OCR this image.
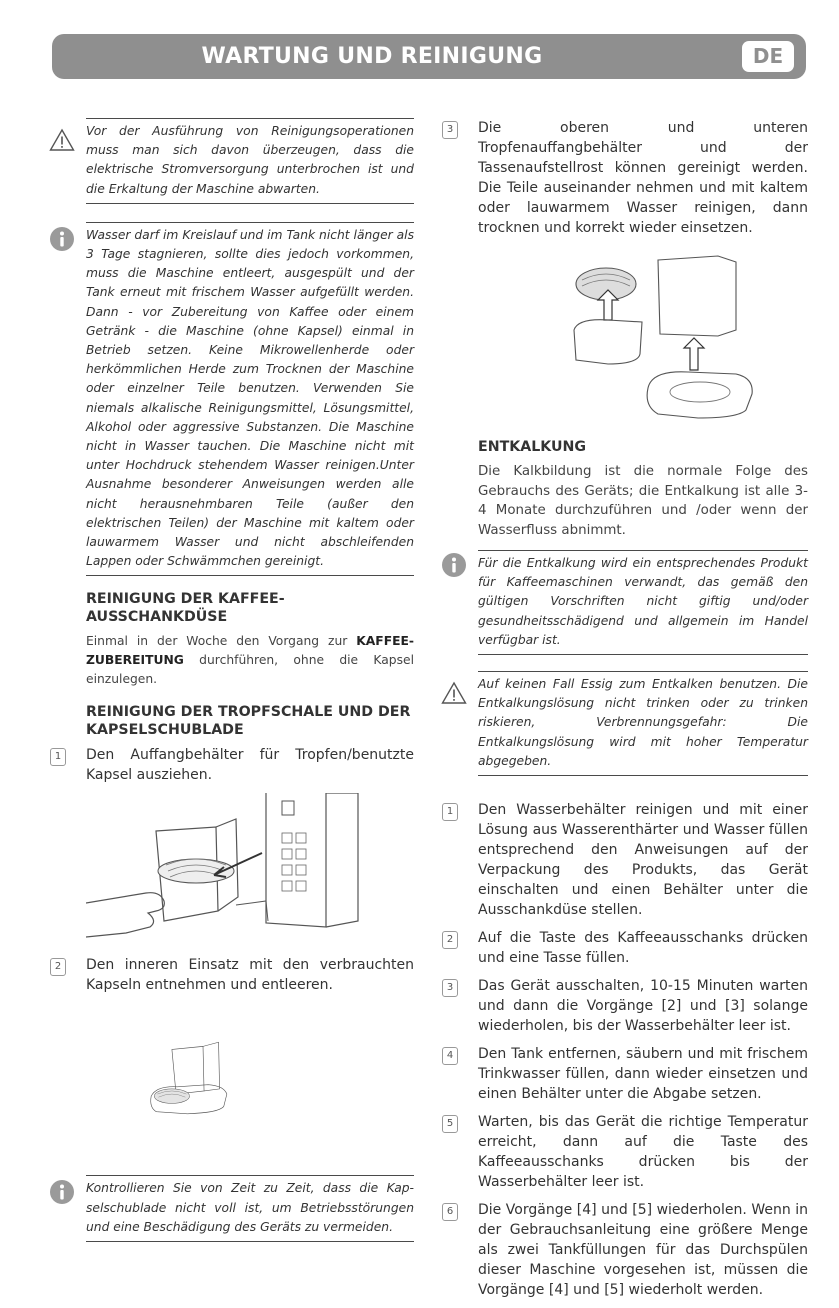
WARTUNG UND REINIGUNG	DE
Vor der Ausführung von Reinigungsoperationen muss man sich davon überzeugen, dass die elektrische Stromversorgung unterbrochen ist und die Erkaltung der Maschine abwarten.
Wasser darf im Kreislauf und im Tank nicht länger als 3 Tage stagnieren, sollte dies jedoch vorkommen, muss die Maschine entleert, ausgespült und der Tank erneut mit frischem Wasser aufgefüllt werden. Dann - vor Zubereitung von Kaffee oder einem Getränk - die Maschine (ohne Kapsel) einmal in Betrieb setzen. Keine Mikrowellenherde oder herkömmlichen Herde zum Trocknen der Maschine oder einzelner Teile benutzen. Verwenden Sie niemals alkalische Reinigungsmittel, Lösungsmittel, Alkohol oder aggressive Substanzen. Die Maschine nicht in Wasser tauchen. Die Maschine nicht mit unter Hochdruck stehendem Wasser reinigen.Unter Ausnahme besonderer Anweisungen werden alle nicht herausnehmbaren Teile (außer den elektrischen Teilen) der Maschine mit kaltem oder lauwarmem Wasser und nicht abschleifenden Lappen oder Schwämmchen gereinigt.
REINIGUNG DER KAFFEE-AUSSCHANKDÜSE

Einmal in der Woche den Vorgang zur KAFFEE-ZUBEREITUNG durchführen, ohne die Kapsel einzulegen.

REINIGUNG DER TROPFSCHALE UND DER KAPSELSCHUBLADE
1	Den Auffangbehälter für Tropfen/benutzte Kapsel ausziehen.
2	Den inneren Einsatz mit den verbrauchten Kapseln entnehmen und entleeren.
Kontrollieren Sie von Zeit zu Zeit, dass die Kap-selschublade nicht voll ist, um Betriebsstörungen und eine Beschädigung des Geräts zu vermeiden.
3	Die oberen und unteren Tropfenauffangbehälter und der Tassenaufstellrost können gereinigt werden. Die Teile auseinander nehmen und mit kaltem oder lauwarmem Wasser reinigen, dann trocknen und korrekt wieder einsetzen.
ENTKALKUNG

Die Kalkbildung ist die normale Folge des Gebrauchs des Geräts; die Entkalkung ist alle 3-4 Monate durchzuführen und /oder wenn der Wasserfluss abnimmt.

Für die Entkalkung wird ein entsprechendes Produkt für Kaffeemaschinen verwandt, das gemäß den gültigen Vorschriften nicht giftig und/oder gesundheitsschädigend und allgemein im Handel verfügbar ist.
Auf keinen Fall Essig zum Entkalken benutzen. Die Entkalkungslösung nicht trinken oder zu trinken riskieren, Verbrennungsgefahr: Die Entkalkungslösung wird mit hoher Temperatur abgegeben.
1	Den Wasserbehälter reinigen und mit einer Lösung aus Wasserenthärter und Wasser füllen entsprechend den Anweisungen auf der Verpackung des Produkts, das Gerät einschalten und einen Behälter unter die Ausschankdüse stellen.
2	Auf die Taste des Kaffeeausschanks drücken und eine Tasse füllen.
3	Das Gerät ausschalten, 10-15 Minuten warten und dann die Vorgänge [2] und [3] solange wiederholen, bis der Wasserbehälter leer ist.
4	Den Tank entfernen, säubern und mit frischem Trinkwasser füllen, dann wieder einsetzen und einen Behälter unter die Abgabe setzen.
5	Warten, bis das Gerät die richtige Temperatur erreicht, dann auf die Taste des Kaffeeausschanks drücken bis der Wasserbehälter leer ist.
6	Die Vorgänge [4] und [5] wiederholen. Wenn in der Gebrauchsanleitung eine größere Menge als zwei Tankfüllungen für das Durchspülen dieser Maschine vorgesehen ist, müssen die Vorgänge [4] und [5] wiederholt werden.
